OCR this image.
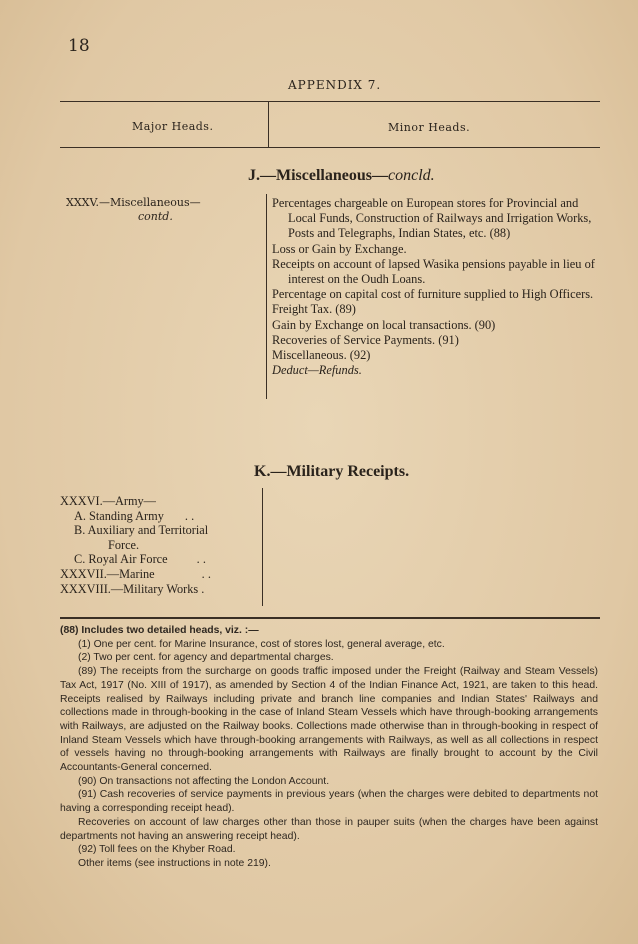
18
APPENDIX 7.
Major Heads.	Minor Heads.
J.—Miscellaneous—concld.
XXXV.—Miscellaneous—
contd.
Percentages chargeable on European stores for Provincial and Local Funds, Construction of Railways and Irrigation Works, Posts and Telegraphs, Indian States, etc. (88)
Loss or Gain by Exchange.
Receipts on account of lapsed Wasika pensions payable in lieu of interest on the Oudh Loans.
Percentage on capital cost of furniture supplied to High Officers.
Freight Tax. (89)
Gain by Exchange on local transactions. (90)
Recoveries of Service Payments. (91)
Miscellaneous. (92)
Deduct—Refunds.
K.—Military Receipts.
XXXVI.—Army—
A. Standing Army . .
B. Auxiliary and Territorial
Force.
C. Royal Air Force . .
XXXVII.—Marine	. .
XXXVIII.—Military Works .
(88) Includes two detailed heads, viz. :—
(1) One per cent. for Marine Insurance, cost of stores lost, general average, etc.
(2) Two per cent. for agency and departmental charges.
(89) The receipts from the surcharge on goods traffic imposed under the Freight (Railway and Steam Vessels) Tax Act, 1917 (No. XIII of 1917), as amended by Section 4 of the Indian Finance Act, 1921, are taken to this head. Receipts realised by Railways including private and branch line companies and Indian States' Railways and collections made in through-booking in the case of Inland Steam Vessels which have through-booking arrangements with Railways, are adjusted on the Railway books. Collections made otherwise than in through-booking in respect of Inland Steam Vessels which have through-booking arrangements with Railways, as well as all collections in respect of vessels having no through-booking arrangements with Railways are finally brought to account by the Civil Accountants-General concerned.
(90) On transactions not affecting the London Account.
(91) Cash recoveries of service payments in previous years (when the charges were debited to departments not having a corresponding receipt head).
Recoveries on account of law charges other than those in pauper suits (when the charges have been against departments not having an answering receipt head).
(92) Toll fees on the Khyber Road.
Other items (see instructions in note 219).
